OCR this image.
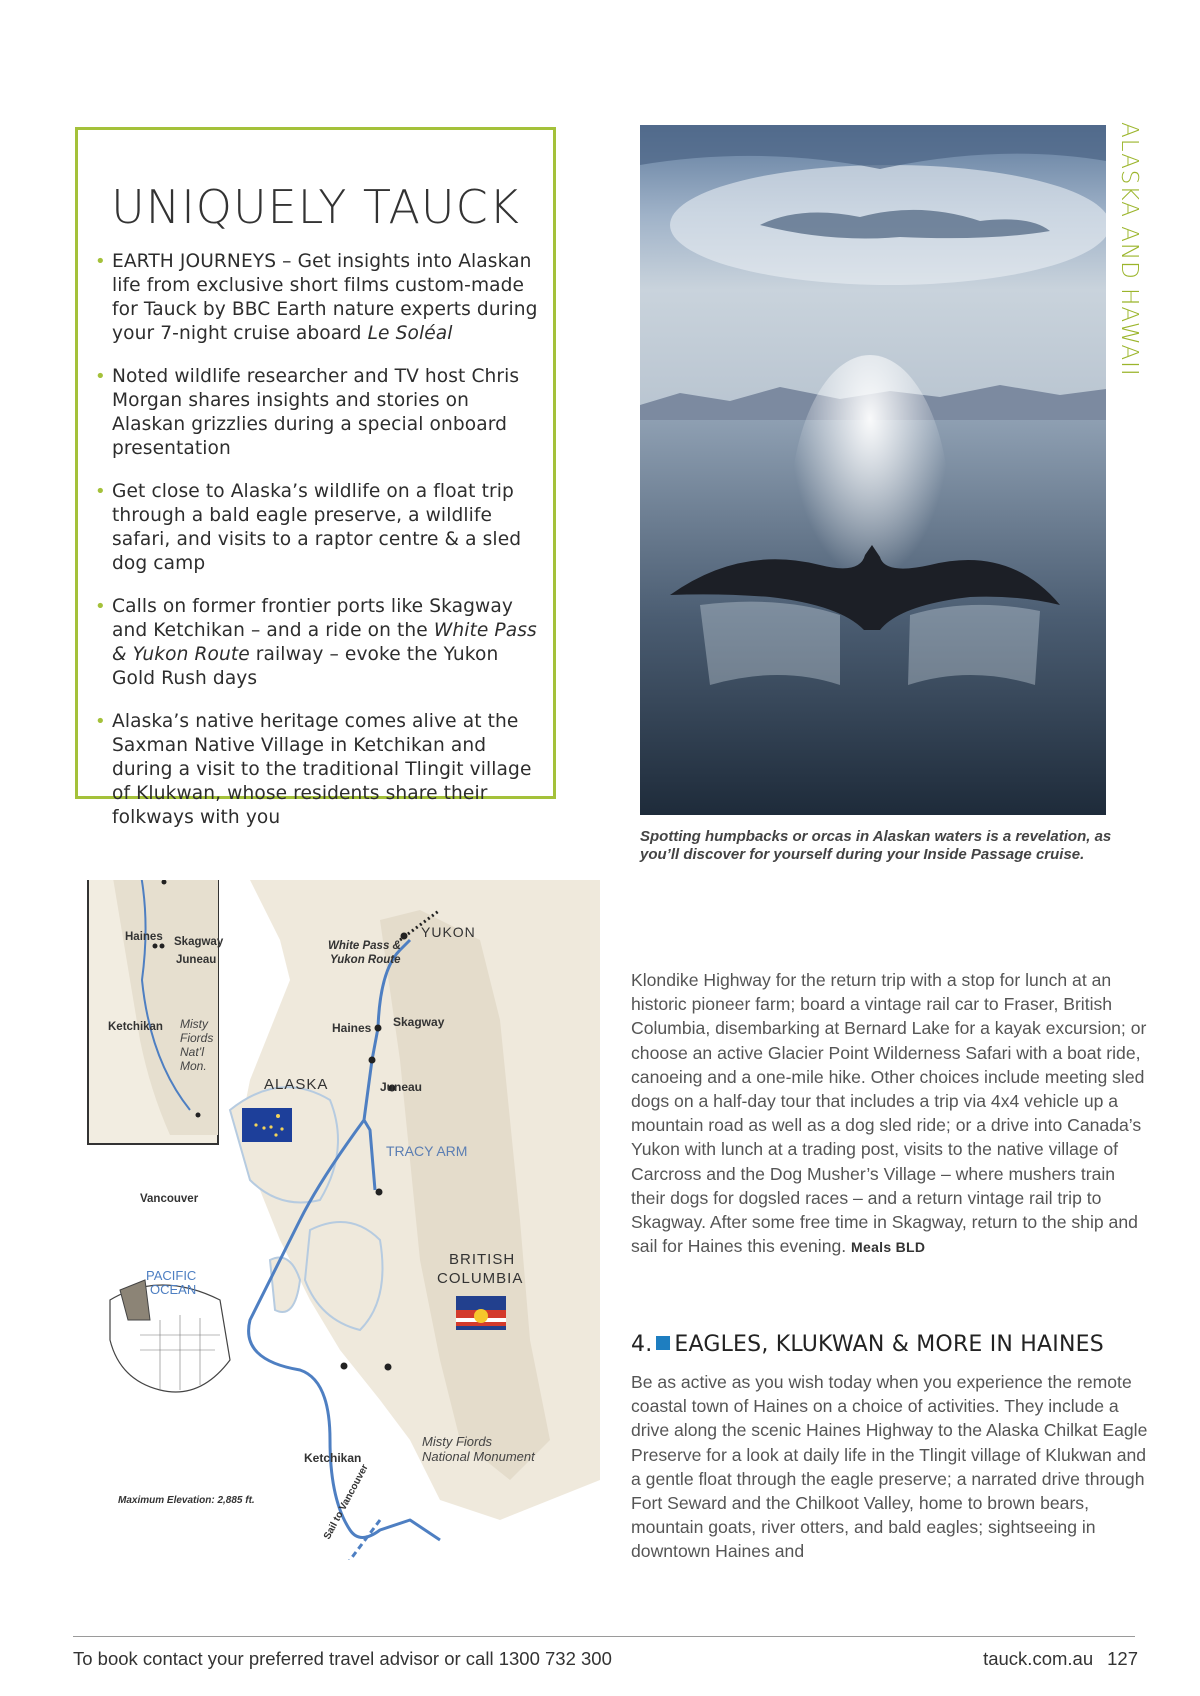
ALASKA AND HAWAII
UNIQUELY TAUCK
• EARTH JOURNEYS – Get insights into Alaskan life from exclusive short films custom-made for Tauck by BBC Earth nature experts during your 7-night cruise aboard Le Soléal
• Noted wildlife researcher and TV host Chris Morgan shares insights and stories on Alaskan grizzlies during a special onboard presentation
• Get close to Alaska’s wildlife on a float trip through a bald eagle preserve, a wildlife safari, and visits to a raptor centre & a sled dog camp
• Calls on former frontier ports like Skagway and Ketchikan – and a ride on the White Pass & Yukon Route railway – evoke the Yukon Gold Rush days
• Alaska’s native heritage comes alive at the Saxman Native Village in Ketchikan and during a visit to the traditional Tlingit village of Klukwan, whose residents share their folkways with you
Spotting humpbacks or orcas in Alaskan waters is a revelation, as you’ll discover for yourself during your Inside Passage cruise.
YUKON
White Pass &
Yukon Route
Haines Skagway
Juneau
ALASKA
TRACY ARM
BRITISH
COLUMBIA
PACIFIC
OCEAN
Ketchikan
Misty Fiords
National Monument
Maximum Elevation: 2,885 ft.	Sail to Vancouver
Haines Skagway
Juneau
Ketchikan Misty
Fiords
Nat’l
Mon.
Vancouver
Klondike Highway for the return trip with a stop for lunch at an historic pioneer farm; board a vintage rail car to Fraser, British Columbia, disembarking at Bernard Lake for a kayak excursion; or choose an active Glacier Point Wilderness Safari with a boat ride, canoeing and a one-mile hike. Other choices include meeting sled dogs on a half-day tour that includes a trip via 4x4 vehicle up a mountain road as well as a dog sled ride; or a drive into Canada’s Yukon with lunch at a trading post, visits to the native village of Carcross and the Dog Musher’s Village – where mushers train their dogs for dogsled races – and a return vintage rail trip to Skagway. After some free time in Skagway, return to the ship and sail for Haines this evening. Meals BLD
4. EAGLES, KLUKWAN & MORE IN HAINES
Be as active as you wish today when you experience the remote coastal town of Haines on a choice of activities. They include a drive along the scenic Haines Highway to the Alaska Chilkat Eagle Preserve for a look at daily life in the Tlingit village of Klukwan and a gentle float through the eagle preserve; a narrated drive through Fort Seward and the Chilkoot Valley, home to brown bears, mountain goats, river otters, and bald eagles; sightseeing in downtown Haines and
To book contact your preferred travel advisor or call 1300 732 300	tauck.com.au 127
